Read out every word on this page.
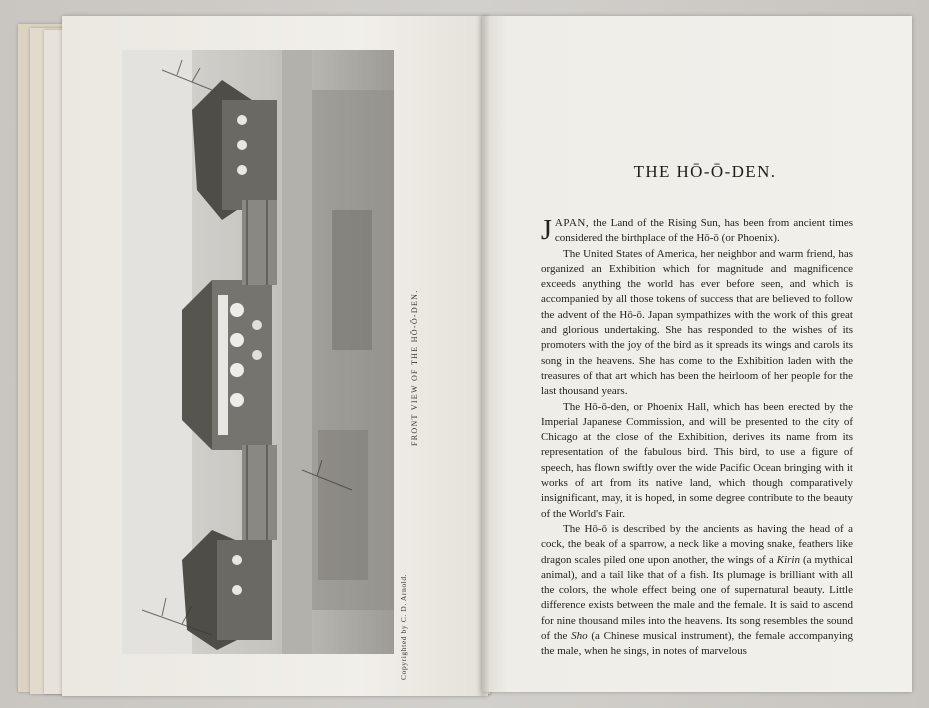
FRONT VIEW OF THE HŌ-Ō-DEN.
Copyrighted by C. D. Arnold.
THE HŌ-Ō-DEN.

JAPAN, the Land of the Rising Sun, has been from ancient times considered the birthplace of the Hō-ō (or Phoenix).

The United States of America, her neighbor and warm friend, has organized an Exhibition which for magnitude and magnificence exceeds anything the world has ever before seen, and which is accompanied by all those tokens of success that are believed to follow the advent of the Hō-ō. Japan sympathizes with the work of this great and glorious undertaking. She has responded to the wishes of its promoters with the joy of the bird as it spreads its wings and carols its song in the heavens. She has come to the Exhibition laden with the treasures of that art which has been the heirloom of her people for the last thousand years.

The Hō-ō-den, or Phoenix Hall, which has been erected by the Imperial Japanese Commission, and will be presented to the city of Chicago at the close of the Exhibition, derives its name from its representation of the fabulous bird. This bird, to use a figure of speech, has flown swiftly over the wide Pacific Ocean bringing with it works of art from its native land, which though comparatively insignificant, may, it is hoped, in some degree contribute to the beauty of the World's Fair.

The Hō-ō is described by the ancients as having the head of a cock, the beak of a sparrow, a neck like a moving snake, feathers like dragon scales piled one upon another, the wings of a Kirin (a mythical animal), and a tail like that of a fish. Its plumage is brilliant with all the colors, the whole effect being one of supernatural beauty. Little difference exists between the male and the female. It is said to ascend for nine thousand miles into the heavens. Its song resembles the sound of the Sho (a Chinese musical instrument), the female accompanying the male, when he sings, in notes of marvelous
